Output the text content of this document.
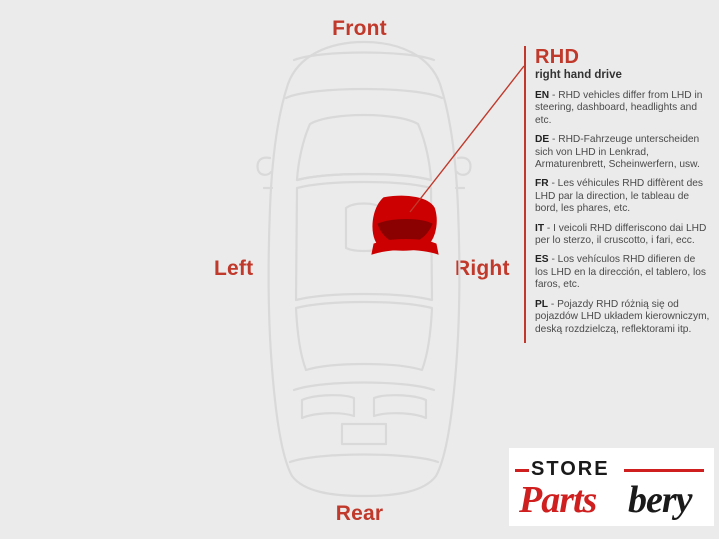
Front
Rear
Left	Right
RHD
right hand drive
EN - RHD vehicles differ from LHD in steering, dashboard, headlights and etc.
DE - RHD-Fahrzeuge unterscheiden sich von LHD in Lenkrad, Armaturenbrett, Scheinwerfern, usw.
FR - Les véhicules RHD diffèrent des LHD par la direction, le tableau de bord, les phares, etc.
IT - I veicoli RHD differiscono dai LHD per lo sterzo, il cruscotto, i fari, ecc.
ES - Los vehículos RHD difieren de los LHD en la dirección, el tablero, los faros, etc.
PL - Pojazdy RHD różnią się od pojazdów LHD układem kierowniczym, deską rozdzielczą, reflektorami itp.
STORE
Parts bery
